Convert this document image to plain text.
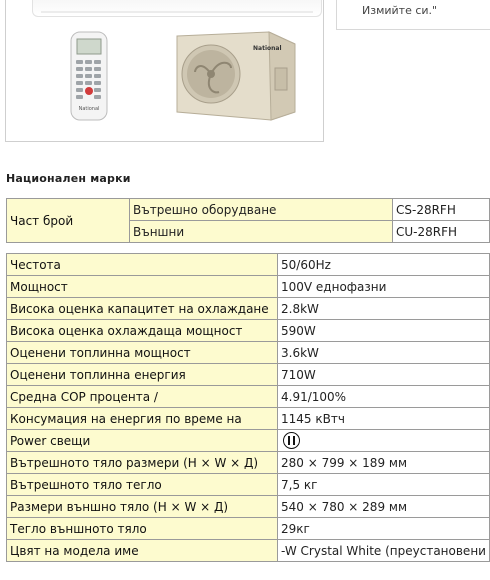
National
National
Измийте си."
Национален марки
Част брой	Вътрешно оборудване	CS-28RFH
	Външни	CU-28RFH
Честота	50/60Hz
Мощност	100V еднофазни
Висока оценка капацитет на охлаждане	2.8kW
Висока оценка охлаждаща мощност	590W
Оценени топлинна мощност	3.6kW
Оценени топлинна енергия	710W
Средна COP процента /	4.91/100%
Консумация на енергия по време на	1145 кВтч
Power свещи	
Вътрешното тяло размери (H × W × Д)	280 × 799 × 189 мм
Вътрешното тяло тегло	7,5 кг
Размери външно тяло (H × W × Д)	540 × 780 × 289 мм
Тегло външното тяло	29кг
Цвят на модела име	-W Crystal White (преустановени
